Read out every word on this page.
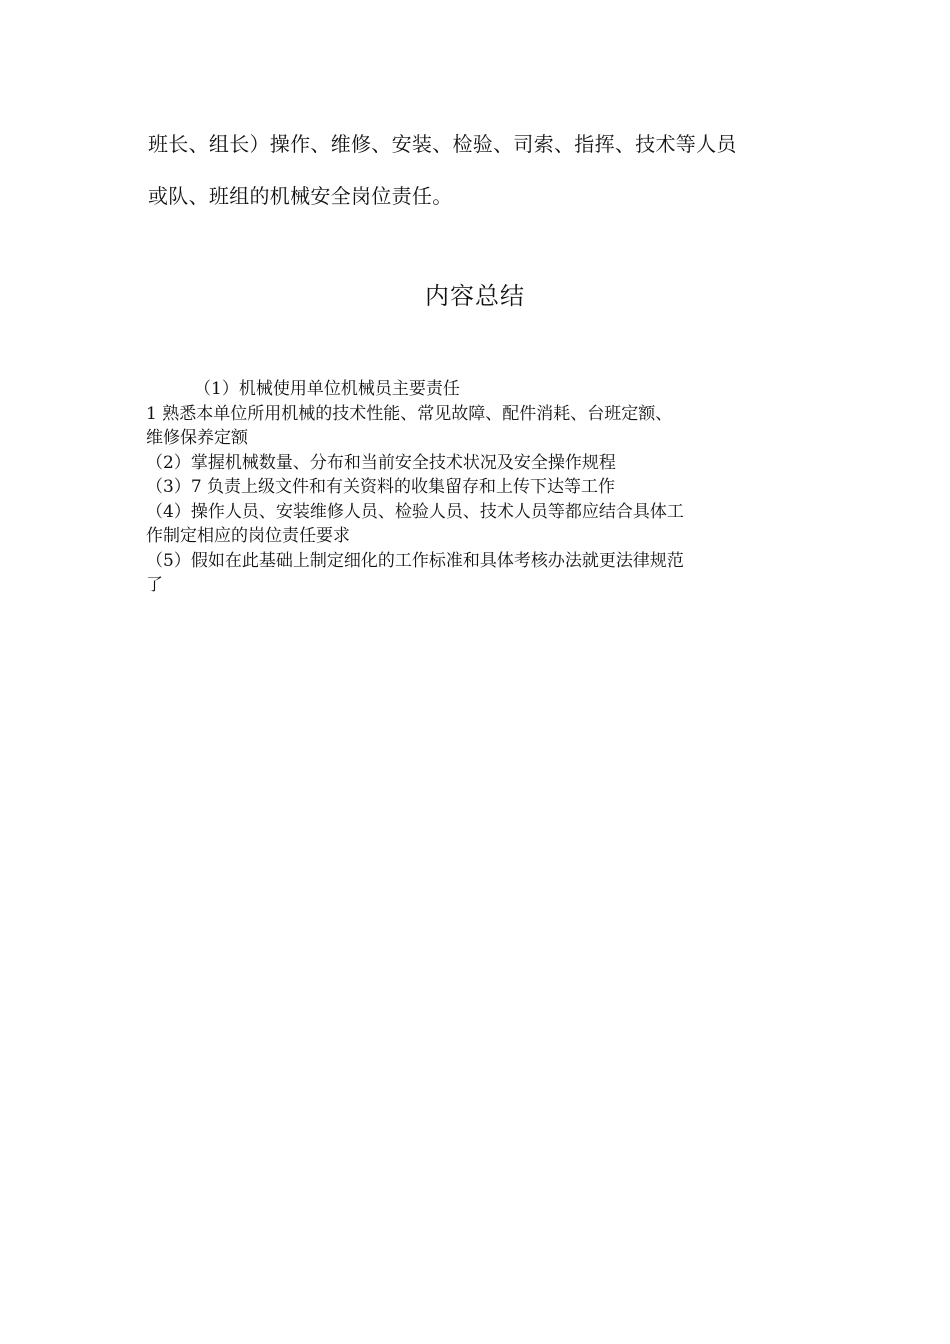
班长、组长）操作、维修、安装、检验、司索、指挥、技术等人员
或队、班组的机械安全岗位责任。
内容总结
（1）机械使用单位机械员主要责任
1 熟悉本单位所用机械的技术性能、常见故障、配件消耗、台班定额、
维修保养定额
（2）掌握机械数量、分布和当前安全技术状况及安全操作规程
（3）7 负责上级文件和有关资料的收集留存和上传下达等工作
（4）操作人员、安装维修人员、检验人员、技术人员等都应结合具体工
作制定相应的岗位责任要求
（5）假如在此基础上制定细化的工作标准和具体考核办法就更法律规范
了
